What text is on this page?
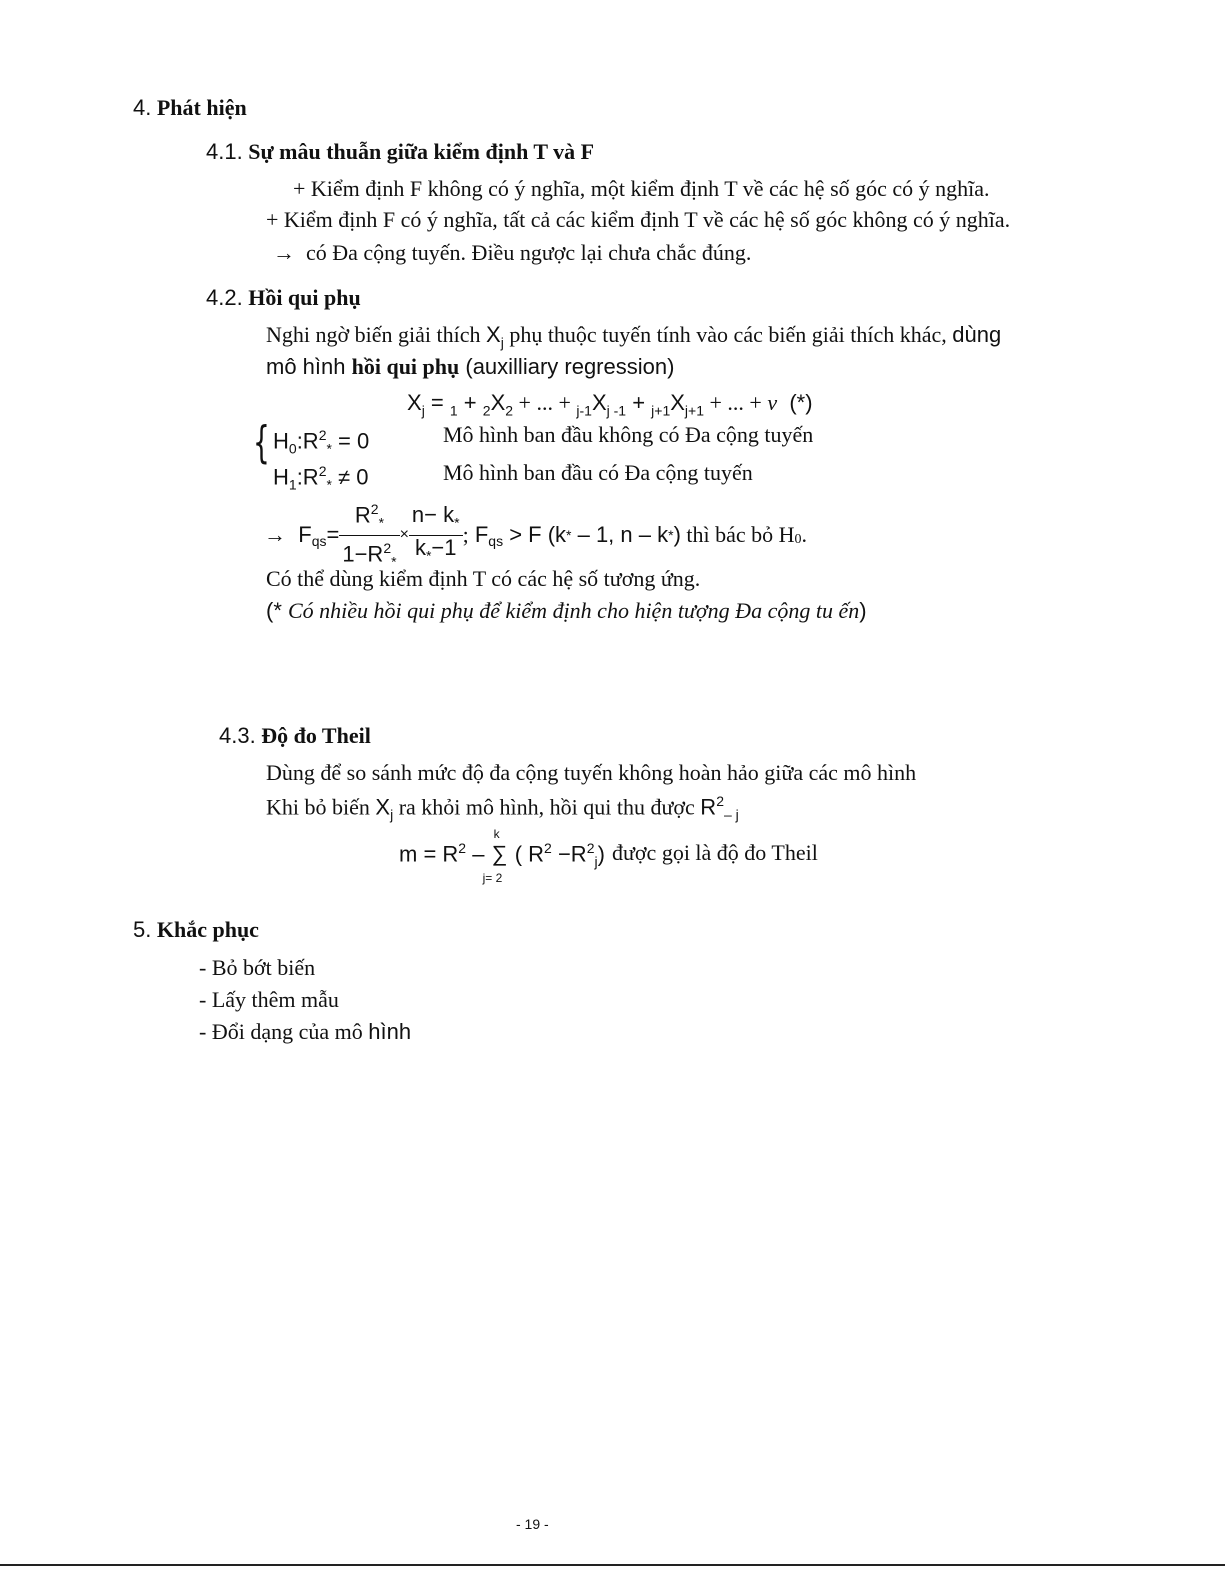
4. Phát hiện
4.1. Sự mâu thuẫn giữa kiểm định T và F
+ Kiểm định F không có ý nghĩa, một kiểm định T về các hệ số góc có ý nghĩa.
+ Kiểm định F có ý nghĩa, tất cả các kiểm định T về các hệ số góc không có ý nghĩa.
→ có Đa cộng tuyến. Điều ngược lại chưa chắc đúng.
4.2. Hồi qui phụ
Nghi ngờ biến giải thích $X_j$ phụ thuộc tuyến tính vào các biến giải thích khác, dùng
mô hình hồi qui phụ (auxilliary regression)
$X_j = _1 + _2X_2$ + ... + $_{j-1}X_{j -1} + _{j+1}X_{j+1}$ + ... + v (*)
{ $H_0:R^2_* = 0$	Mô hình ban đầu không có Đa cộng tuyến
$H_1:R^2_* \ne 0$	Mô hình ban đầu có Đa cộng tuyến
→
$F_{qs} = \frac{R^2_*}{1-R^2_*} \times \frac{n- k_*}{k_*-1}$ ;
$F_{qs} > F$ (k * – 1, n – k * ) thì bác bỏ $H_0$ .
Có thể dùng kiểm định T có các hệ số tương ứng.
(* Có nhiều hồi qui phụ để kiểm định cho hiện tượng Đa cộng tu ến)
4.3. Độ đo Theil
Dùng để so sánh mức độ đa cộng tuyến không hoàn hảo giữa các mô hình
Khi bỏ biến $X_j$ ra khỏi mô hình, hồi qui thu được $R^2_{- j}$
$m = R^2$ –
k
∑
j= 2
( $R^2 -R^2_j$) được gọi là độ đo Theil
5. Khắc phục
- Bỏ bớt biến
- Lấy thêm mẫu
- Đổi dạng của mô hình
- 19 -
